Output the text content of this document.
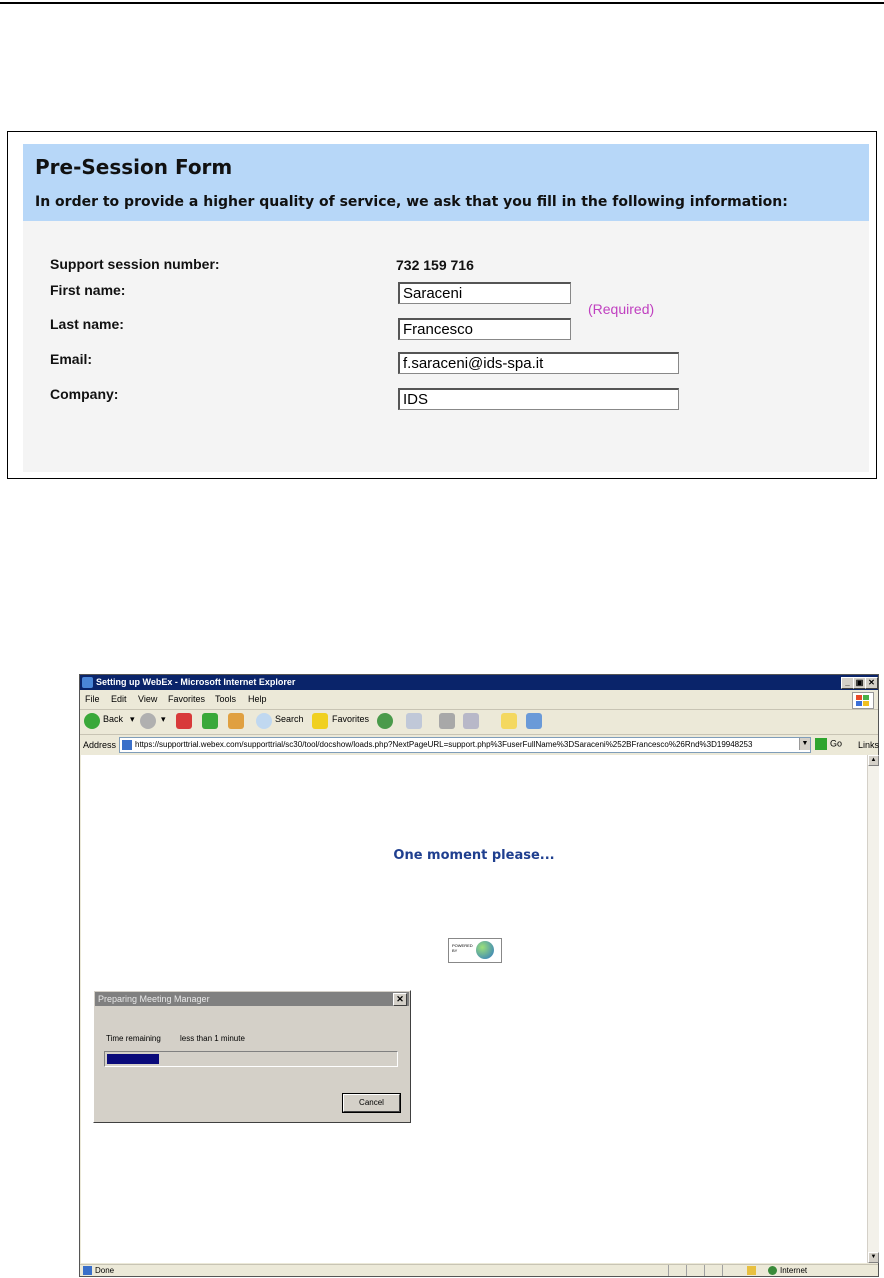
Pre-Session Form
In order to provide a higher quality of service, we ask that you fill in the following information:
Support session number:	732 159 716
First name:	Saraceni
(Required)
Last name:	Francesco
Email:	f.saraceni@ids-spa.it
Company:	IDS
Setting up WebEx - Microsoft Internet Explorer	_ ▣ ✕
File Edit View Favorites Tools Help
Back ▾	▾	Search	Favorites
Address	https://supporttrial.webex.com/supporttrial/sc30/tool/docshow/loads.php?NextPageURL=support.php%3FuserFullName%3DSaraceni%252BFrancesco%26Rnd%3D19948253	▼	Go Links
One moment please...
POWERED
BY
Preparing Meeting Manager	✕
Time remaining less than 1 minute
Cancel
▲
▼
Done	Internet
